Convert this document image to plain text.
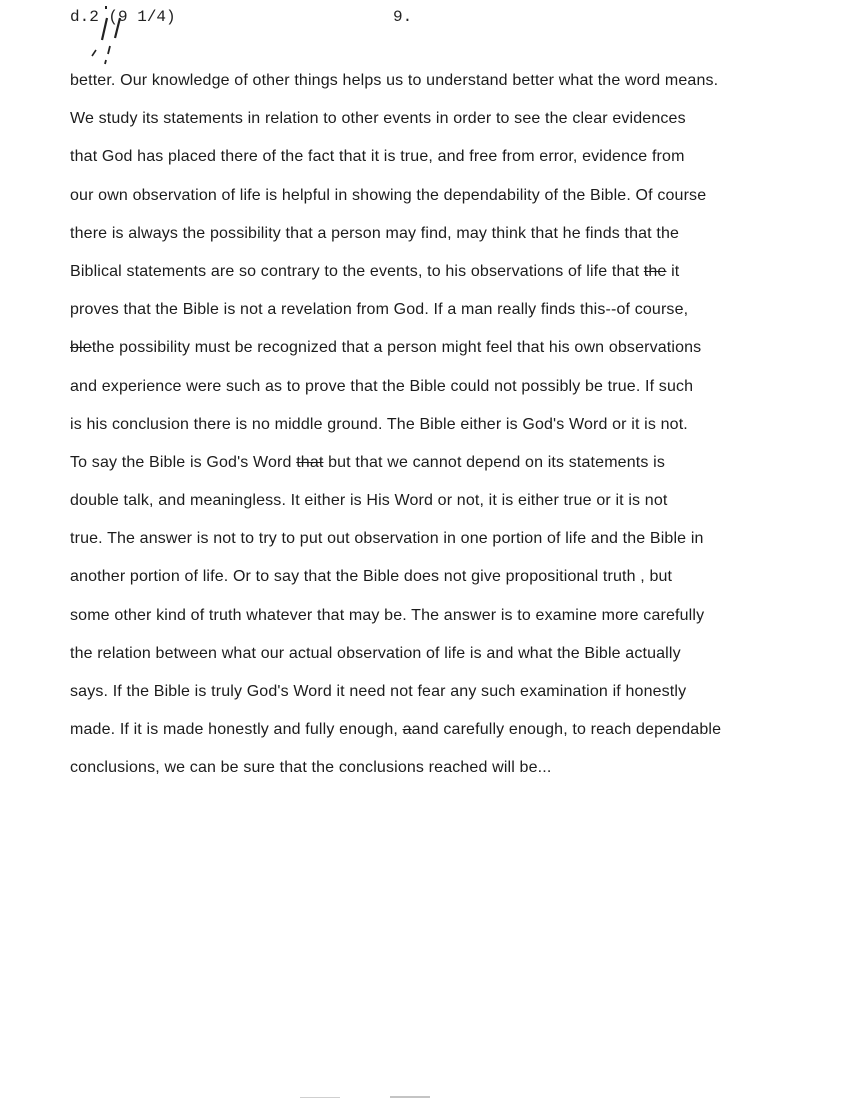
d.2 (9 1/4)	9.
better. Our knowledge of other things helps us to understand better what the word means.
We study its statements in relation to other events in order to see the clear evidences
that God has placed there of the fact that it is true, and free from error, evidence from
our own observation of life is helpful in showing the dependability of the Bible. Of course
there is always the possibility that a person may find, may think that he finds that the
Biblical statements are so contrary to the events, to his observations of life that the it
proves that the Bible is not a revelation from God. If a man really finds this--of course,
blethe possibility must be recognized that a person might feel that his own observations
and experience were such as to prove that the Bible could not possibly be true. If such
is his conclusion there is no middle ground. The Bible either is God's Word or it is not.
To say the Bible is God's Word that but that we cannot depend on its statements is
double talk, and meaningless. It either is His Word or not, it is either true or it is not
true. The answer is not to try to put out observation in one portion of life and the Bible in
another portion of life. Or to say that the Bible does not give propositional truth , but
some other kind of truth whatever that may be. The answer is to examine more carefully
the relation between what our actual observation of life is and what the Bible actually
says. If the Bible is truly God's Word it need not fear any such examination if honestly
made. If it is made honestly and fully enough, aand carefully enough, to reach dependable
conclusions, we can be sure that the conclusions reached will be...
